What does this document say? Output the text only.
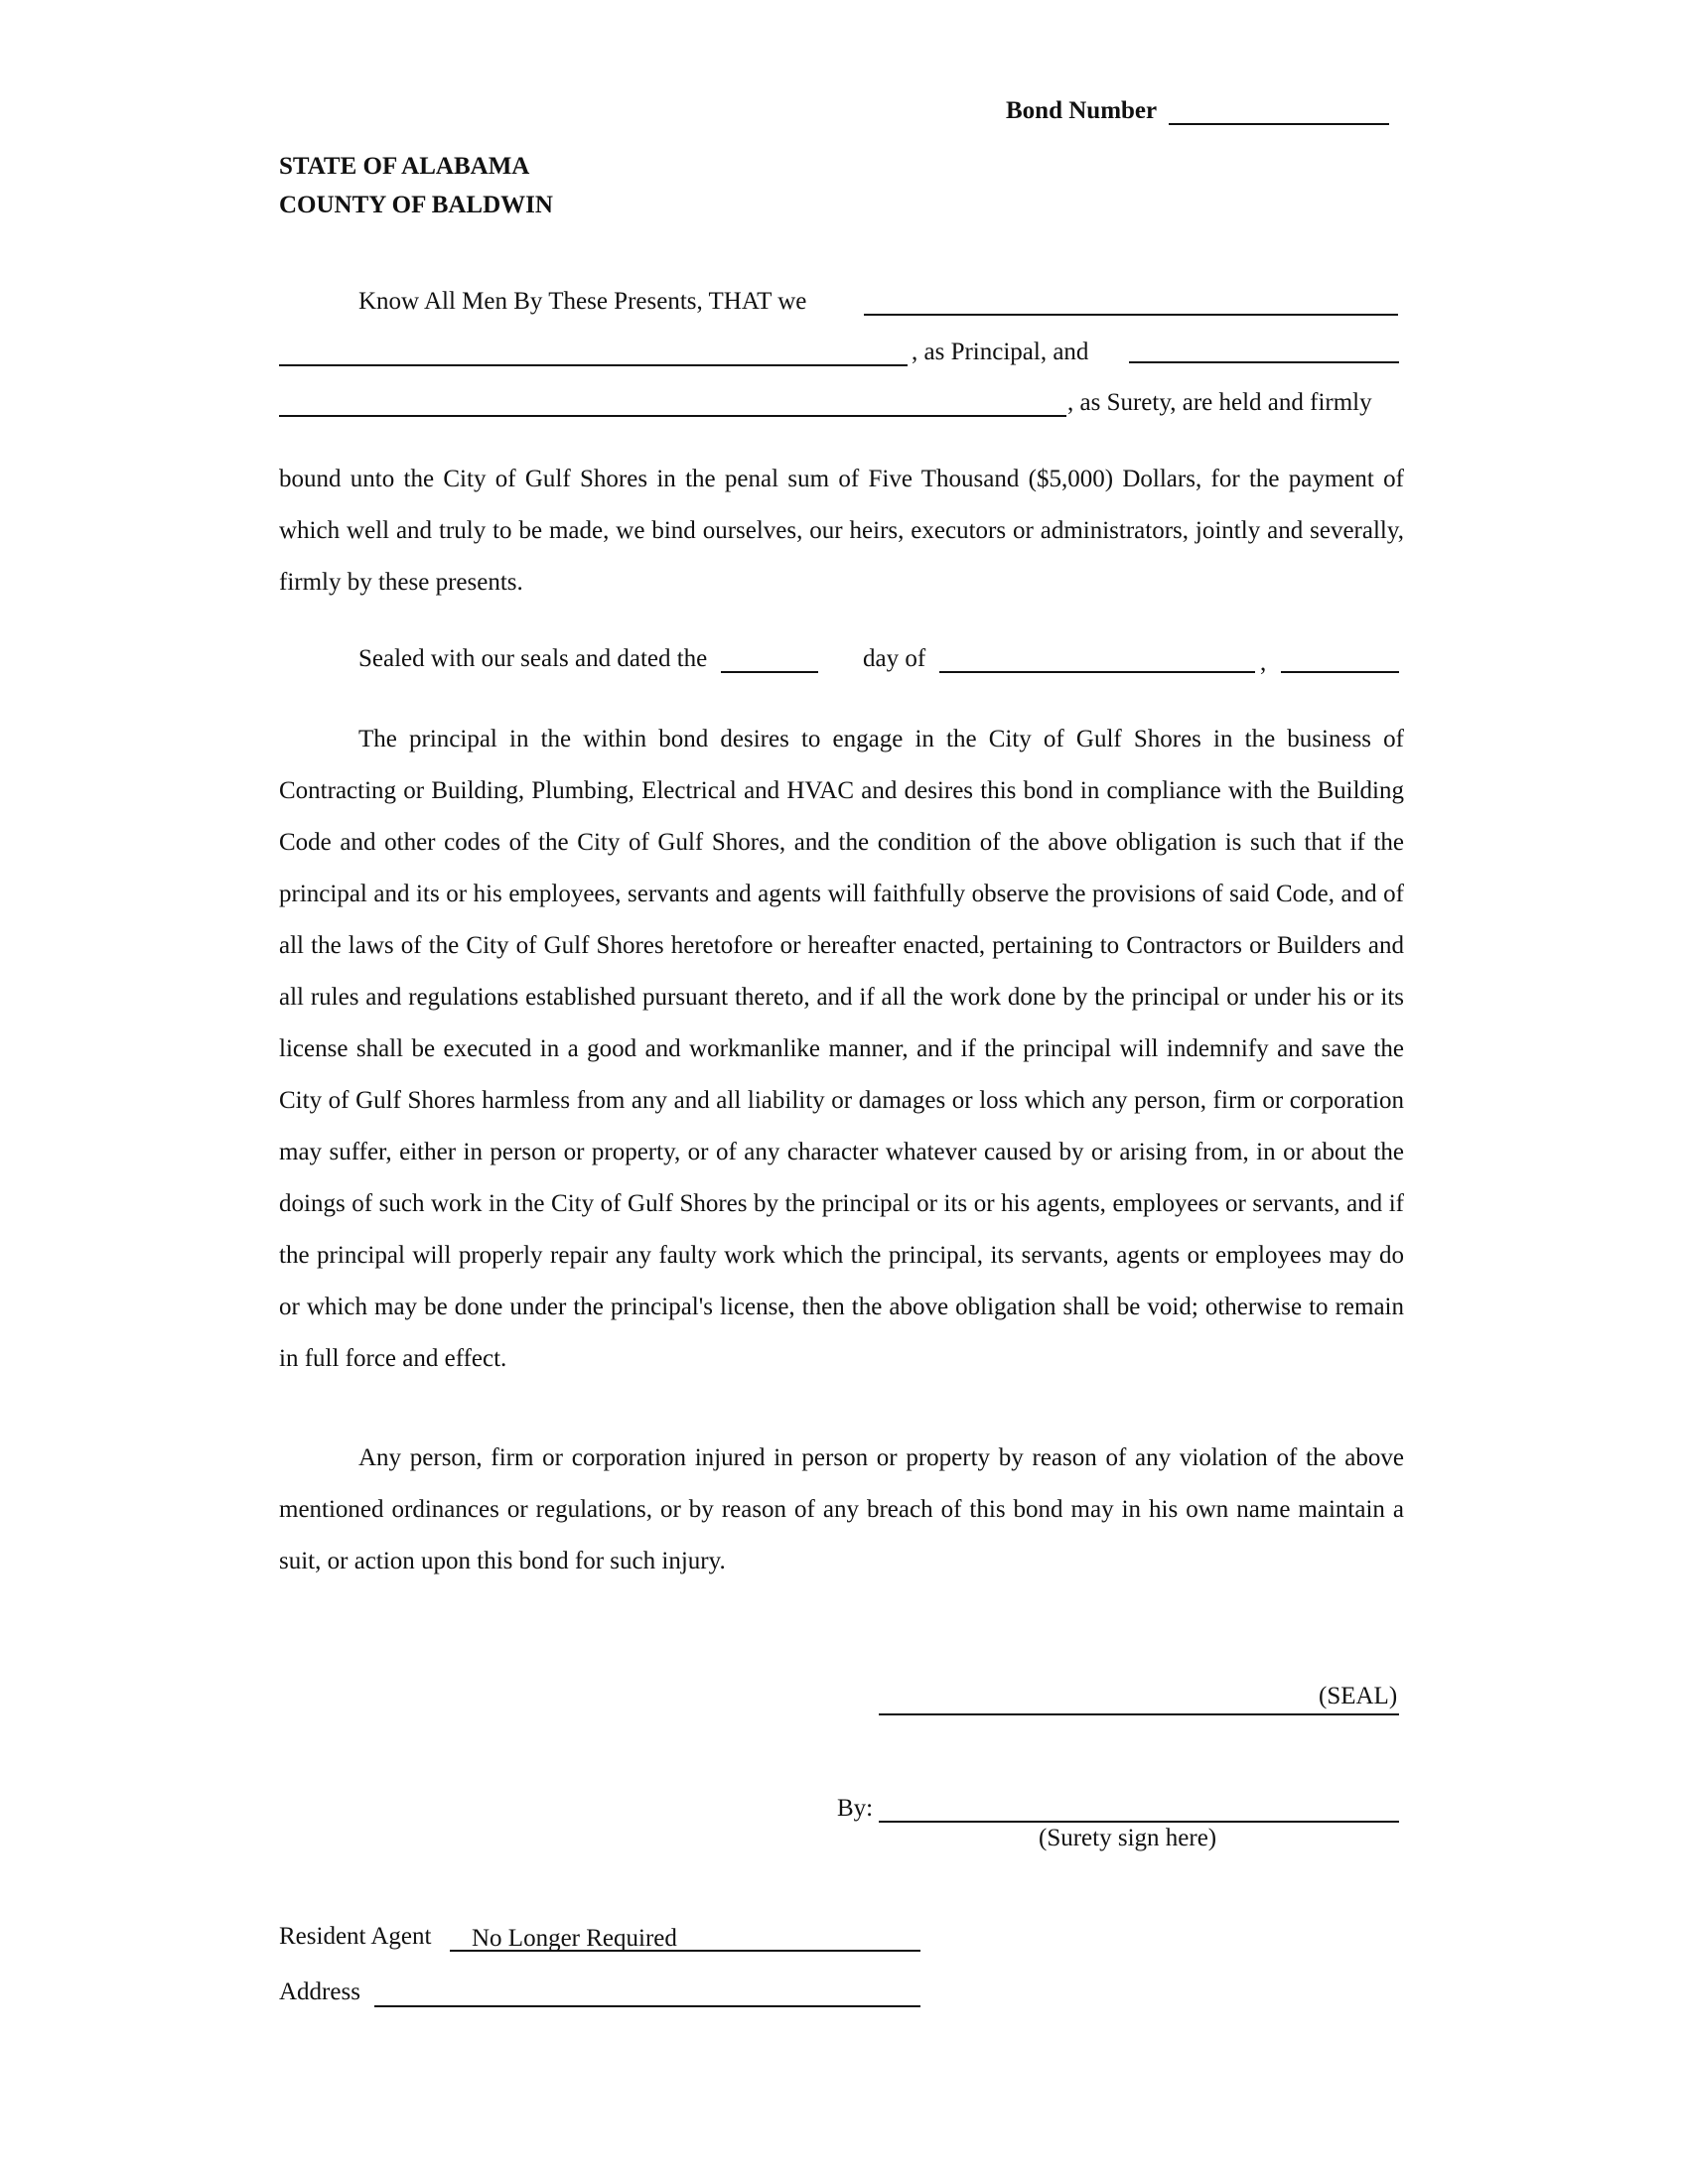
Bond Number
STATE OF ALABAMA
COUNTY OF BALDWIN
Know All Men By These Presents, THAT we
, as Principal, and
, as Surety, are held and firmly

bound unto the City of Gulf Shores in the penal sum of Five Thousand ($5,000) Dollars, for the payment of which well and truly to be made, we bind ourselves, our heirs, executors or administrators, jointly and severally, firmly by these presents.

Sealed with our seals and dated the	day of	,

The principal in the within bond desires to engage in the City of Gulf Shores in the business of Contracting or Building, Plumbing, Electrical and HVAC and desires this bond in compliance with the Building Code and other codes of the City of Gulf Shores, and the condition of the above obligation is such that if the principal and its or his employees, servants and agents will faithfully observe the provisions of said Code, and of all the laws of the City of Gulf Shores heretofore or hereafter enacted, pertaining to Contractors or Builders and all rules and regulations established pursuant thereto, and if all the work done by the principal or under his or its license shall be executed in a good and workmanlike manner, and if the principal will indemnify and save the City of Gulf Shores harmless from any and all liability or damages or loss which any person, firm or corporation may suffer, either in person or property, or of any character whatever caused by or arising from, in or about the doings of such work in the City of Gulf Shores by the principal or its or his agents, employees or servants, and if the principal will properly repair any faulty work which the principal, its servants, agents or employees may do or which may be done under the principal's license, then the above obligation shall be void; otherwise to remain in full force and effect.

Any person, firm or corporation injured in person or property by reason of any violation of the above mentioned ordinances or regulations, or by reason of any breach of this bond may in his own name maintain a suit, or action upon this bond for such injury.

(SEAL)
By:
(Surety sign here)
Resident Agent No Longer Required
Address
